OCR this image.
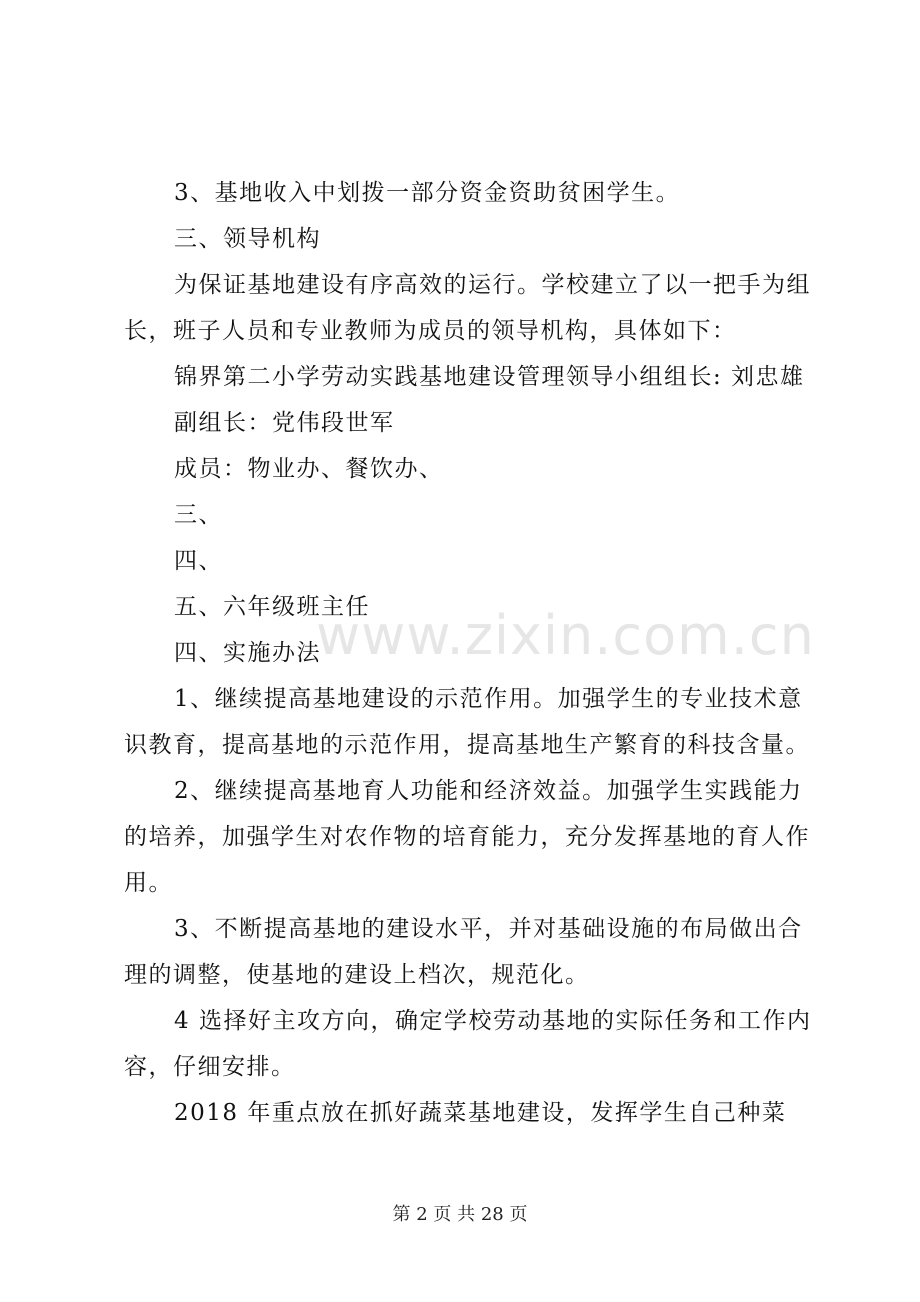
3、基地收入中划拨一部分资金资助贫困学生。

三、领导机构

为保证基地建设有序高效的运行。学校建立了以一把手为组

长，班子人员和专业教师为成员的领导机构，具体如下：

锦界第二小学劳动实践基地建设管理领导小组组长: 刘忠雄

副组长：党伟段世军

成员：物业办、餐饮办、

三、

四、

五、六年级班主任

四、实施办法

1、继续提高基地建设的示范作用。加强学生的专业技术意

识教育，提高基地的示范作用，提高基地生产繁育的科技含量。

2、继续提高基地育人功能和经济效益。加强学生实践能力

的培养，加强学生对农作物的培育能力，充分发挥基地的育人作

用。

3、不断提高基地的建设水平，并对基础设施的布局做出合

理的调整，使基地的建设上档次，规范化。

4 选择好主攻方向，确定学校劳动基地的实际任务和工作内

容，仔细安排。

2018 年重点放在抓好蔬菜基地建设，发挥学生自己种菜

www.zixin.com.cn
第 2 页 共 28 页
